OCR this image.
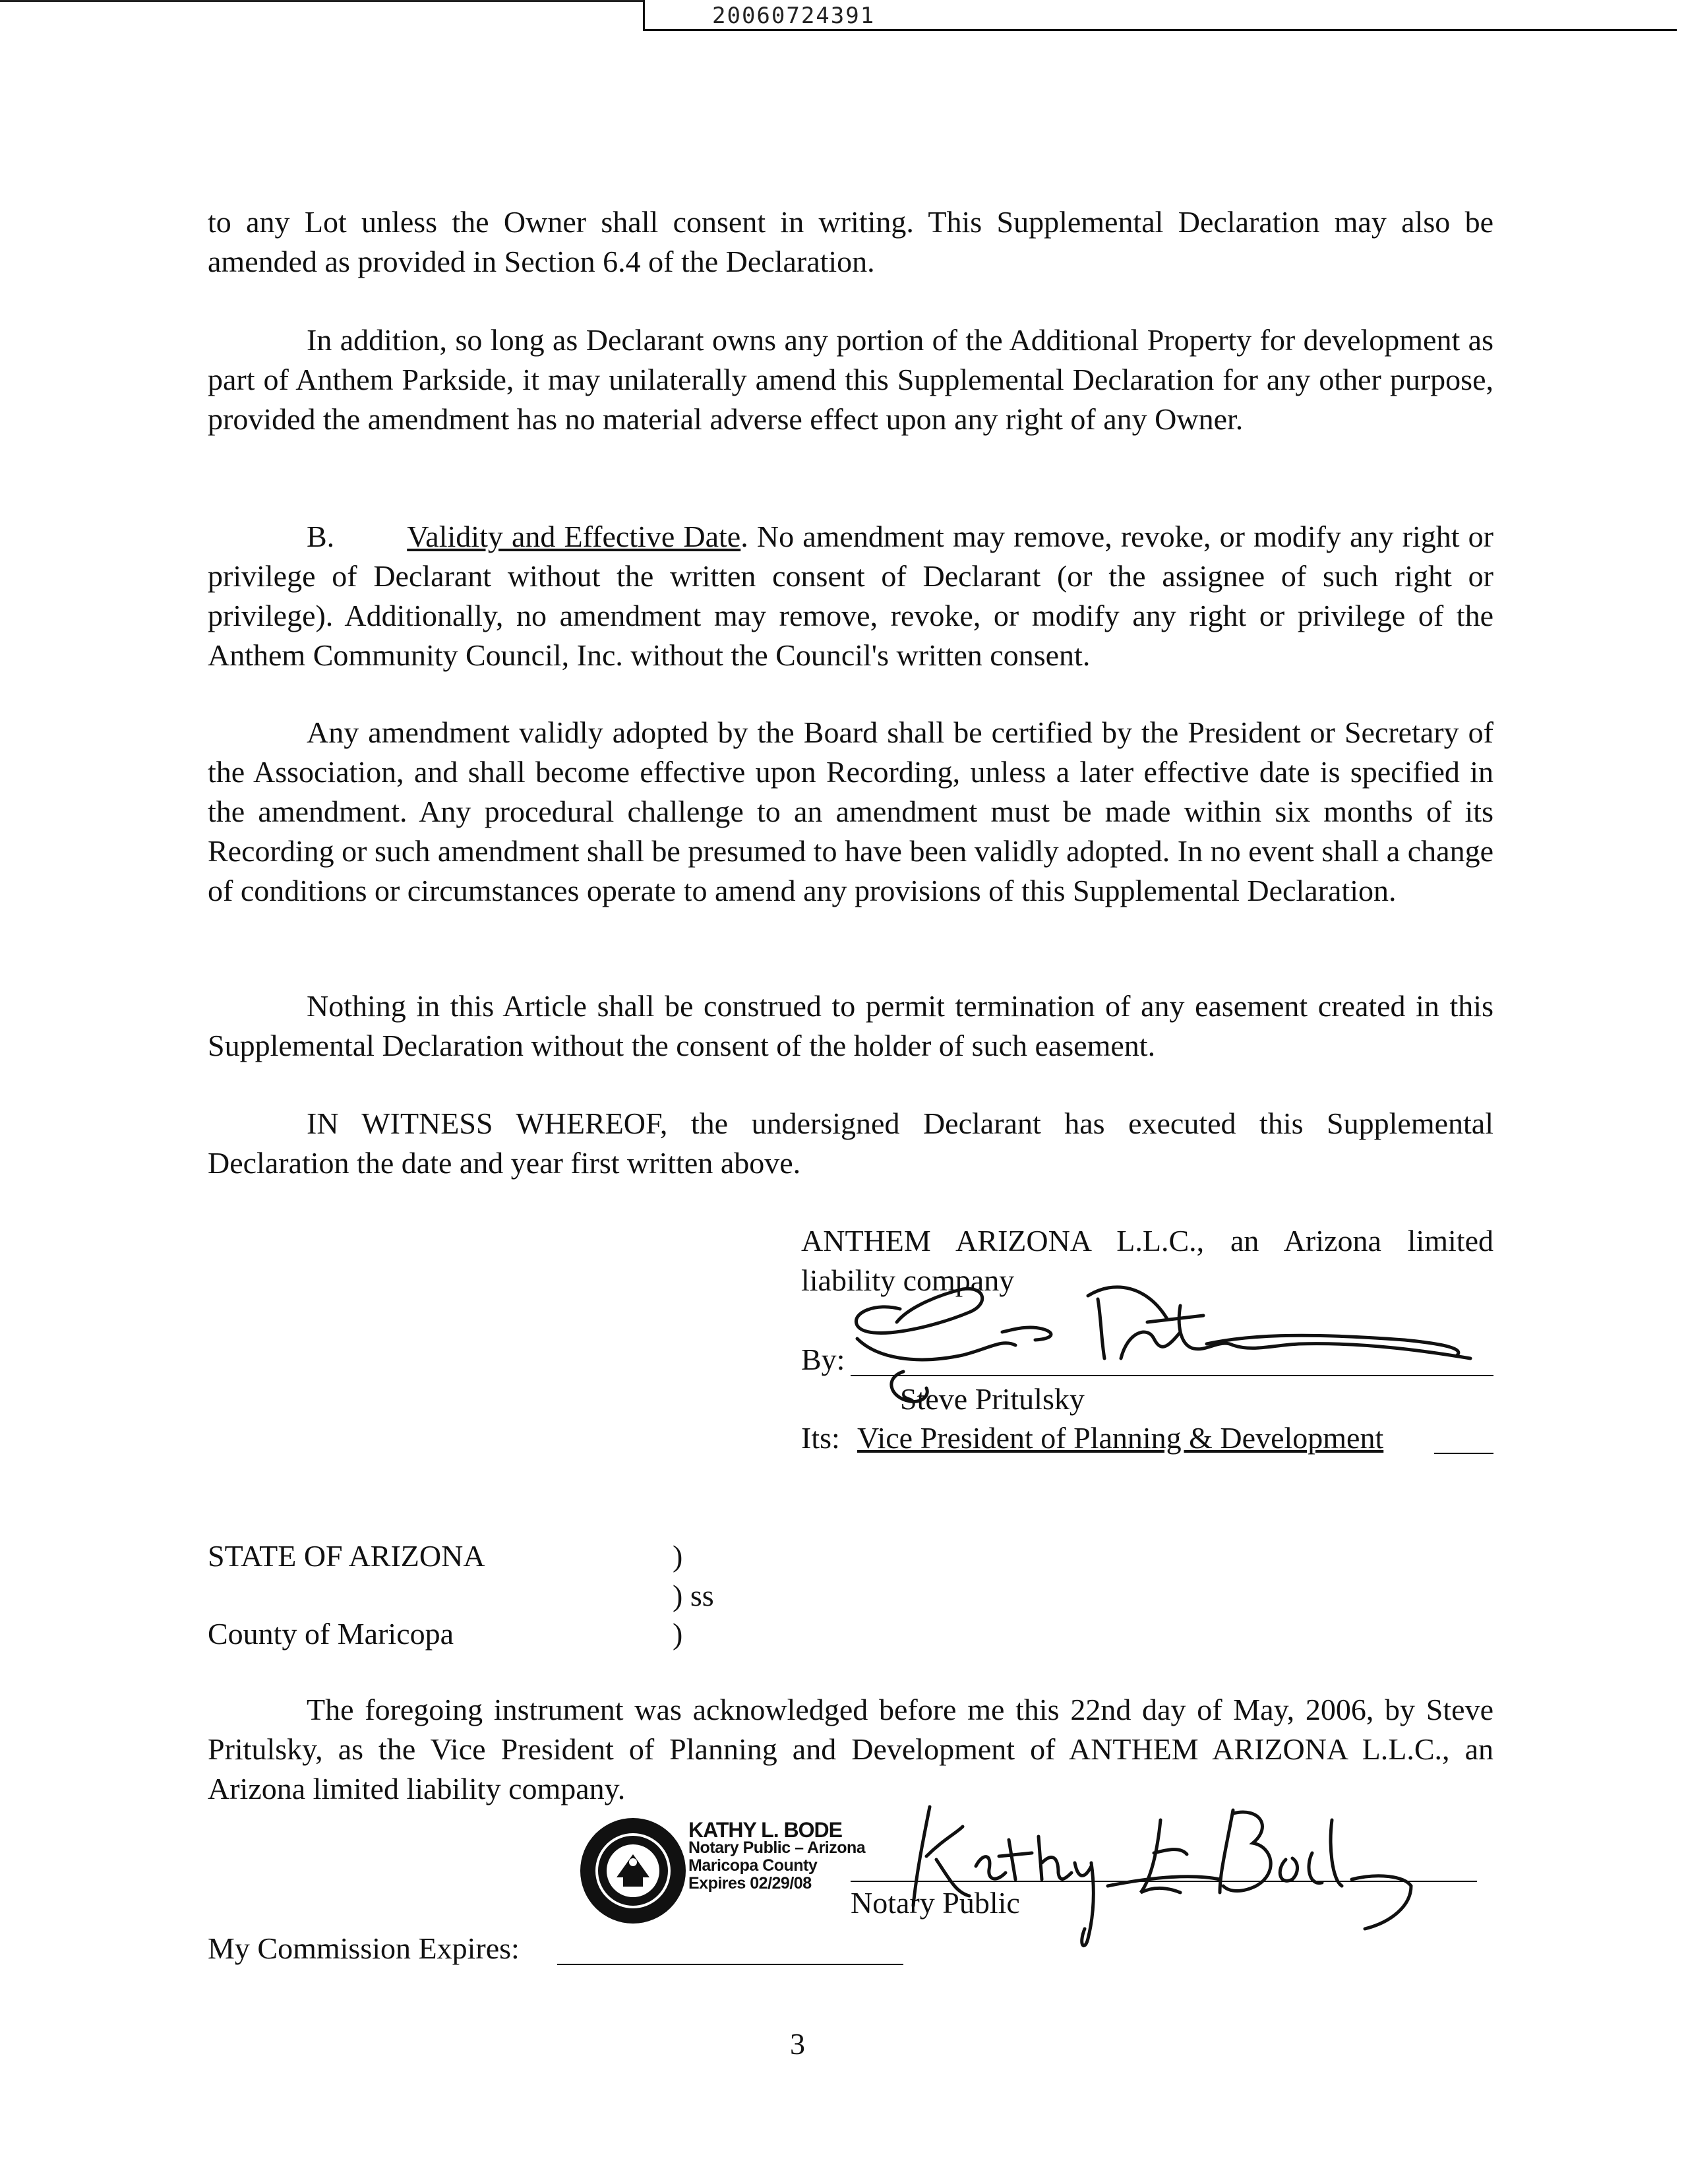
20060724391
to any Lot unless the Owner shall consent in writing. This Supplemental Declaration may also be amended as provided in Section 6.4 of the Declaration.
In addition, so long as Declarant owns any portion of the Additional Property for development as part of Anthem Parkside, it may unilaterally amend this Supplemental Declaration for any other purpose, provided the amendment has no material adverse effect upon any right of any Owner.
B. Validity and Effective Date. No amendment may remove, revoke, or modify any right or privilege of Declarant without the written consent of Declarant (or the assignee of such right or privilege). Additionally, no amendment may remove, revoke, or modify any right or privilege of the Anthem Community Council, Inc. without the Council's written consent.
Any amendment validly adopted by the Board shall be certified by the President or Secretary of the Association, and shall become effective upon Recording, unless a later effective date is specified in the amendment. Any procedural challenge to an amendment must be made within six months of its Recording or such amendment shall be presumed to have been validly adopted. In no event shall a change of conditions or circumstances operate to amend any provisions of this Supplemental Declaration.
Nothing in this Article shall be construed to permit termination of any easement created in this Supplemental Declaration without the consent of the holder of such easement.
IN WITNESS WHEREOF, the undersigned Declarant has executed this Supplemental Declaration the date and year first written above.
ANTHEM ARIZONA L.L.C., an Arizona limited
liability company
By:
Steve Pritulsky
Its: Vice President of Planning & Development
STATE OF ARIZONA	)
) ss
County of Maricopa	)
The foregoing instrument was acknowledged before me this 22nd day of May, 2006, by Steve Pritulsky, as the Vice President of Planning and Development of ANTHEM ARIZONA L.L.C., an Arizona limited liability company.
KATHY L. BODE
Notary Public – Arizona
Maricopa County
Expires 02/29/08
Notary Public
My Commission Expires:
3
